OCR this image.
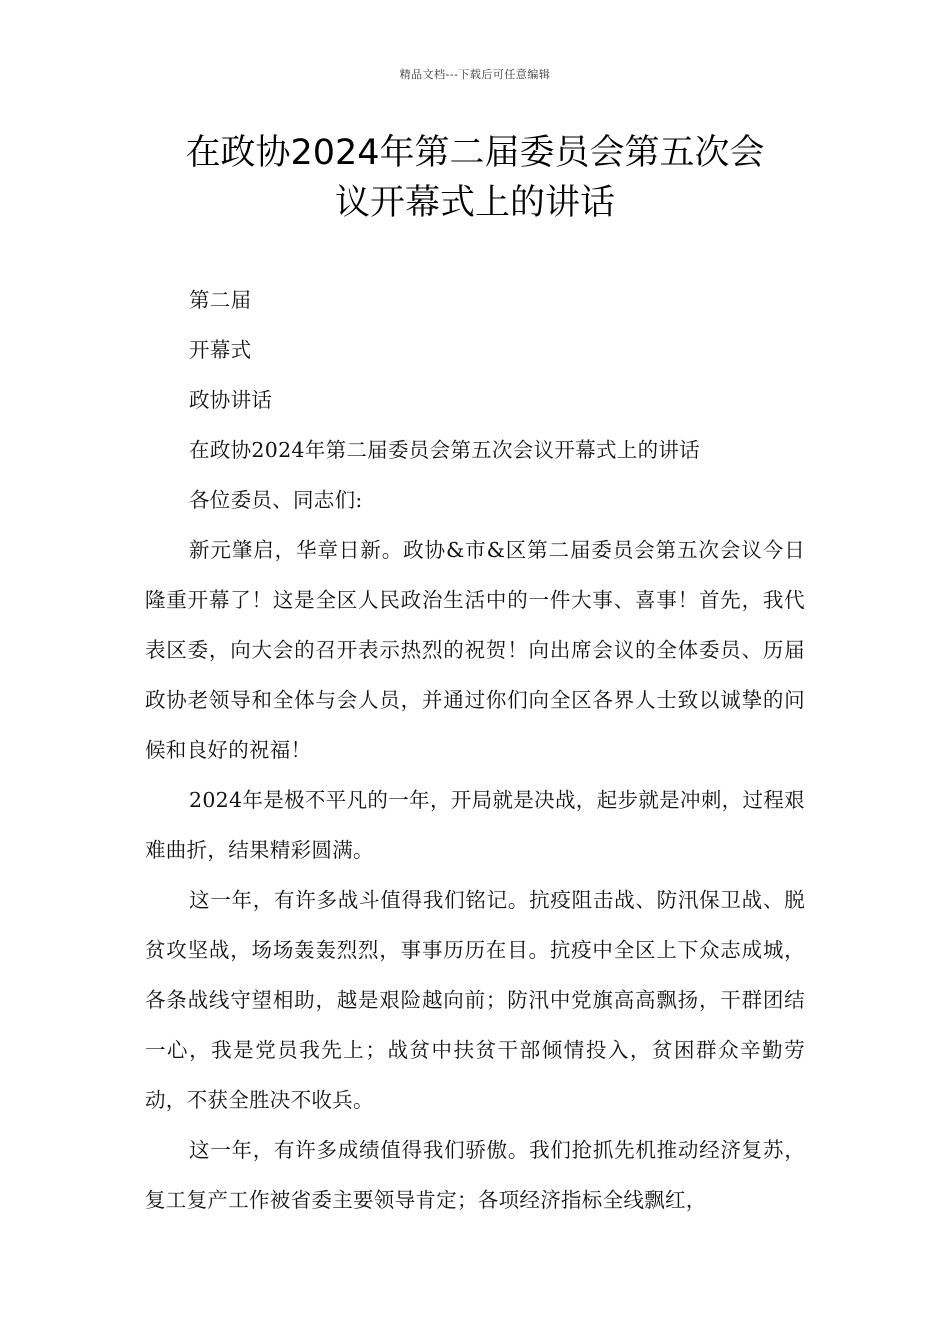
精品文档---下载后可任意编辑
在政协2024年第二届委员会第五次会
议开幕式上的讲话

第二届

开幕式

政协讲话

在政协2024年第二届委员会第五次会议开幕式上的讲话

各位委员、同志们:

新元肇启，华章日新。政协&市&区第二届委员会第五次会议今日隆重开幕了！这是全区人民政治生活中的一件大事、喜事！首先，我代表区委，向大会的召开表示热烈的祝贺！向出席会议的全体委员、历届政协老领导和全体与会人员，并通过你们向全区各界人士致以诚挚的问候和良好的祝福！

2024年是极不平凡的一年，开局就是决战，起步就是冲刺，过程艰难曲折，结果精彩圆满。

这一年，有许多战斗值得我们铭记。抗疫阻击战、防汛保卫战、脱贫攻坚战，场场轰轰烈烈，事事历历在目。抗疫中全区上下众志成城，各条战线守望相助，越是艰险越向前；防汛中党旗高高飘扬，干群团结一心，我是党员我先上；战贫中扶贫干部倾情投入，贫困群众辛勤劳动，不获全胜决不收兵。

这一年，有许多成绩值得我们骄傲。我们抢抓先机推动经济复苏，复工复产工作被省委主要领导肯定；各项经济指标全线飘红，
